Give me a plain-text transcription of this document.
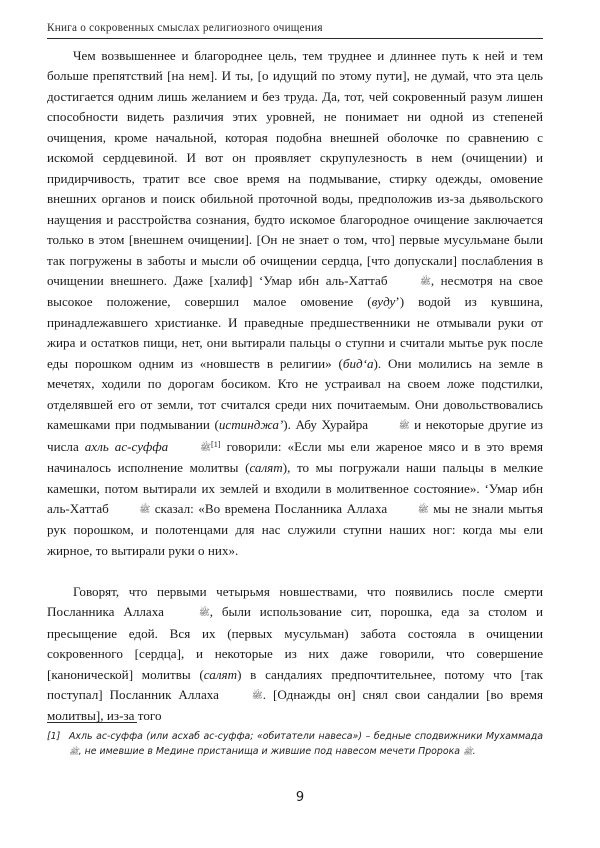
Книга о сокровенных смыслах религиозного очищения

Чем возвышеннее и благороднее цель, тем труднее и длиннее путь к ней и тем больше препятствий [на нем]. И ты, [о идущий по этому пути], не думай, что эта цель достигается одним лишь желанием и без труда. Да, тот, чей сокровенный разум лишен способности видеть различия этих уровней, не понимает ни одной из степеней очищения, кроме начальной, которая подобна внешней оболочке по сравнению с искомой сердцевиной. И вот он проявляет скрупулезность в нем (очищении) и придирчивость, тратит все свое время на подмывание, стирку одежды, омовение внешних органов и поиск обильной проточной воды, предположив из-за дьявольского наущения и расстройства сознания, будто искомое благородное очищение заключается только в этом [внешнем очищении]. [Он не знает о том, что] первые мусульмане были так погружены в заботы и мысли об очищении сердца, [что допускали] послабления в очищении внешнего. Даже [халиф] ‘Умар ибн аль-Хаттаб	ﷺ, несмотря на свое высокое положение, совершил малое омовение (вуду’) водой из кувшина, принадлежавшего христианке. И праведные предшественники не отмывали руки от жира и остатков пищи, нет, они вытирали пальцы о ступни и считали мытье рук после еды порошком одним из «новшеств в религии» (бид‘а). Они молились на земле в мечетях, ходили по дорогам босиком. Кто не устраивал на своем ложе подстилки, отделявшей его от земли, тот считался среди них почитаемым. Они довольствовались камешками при подмывании (истинджа’). Абу Хурайра	ﷺ и некоторые другие из числа ахль ас-суффа	ﷺ[1] говорили: «Если мы ели жареное мясо и в это время начиналось исполнение молитвы (салят), то мы погружали наши пальцы в мелкие камешки, потом вытирали их землей и входили в молитвенное состояние». ‘Умар ибн аль-Хаттаб	ﷺ сказал: «Во времена Посланника Аллаха	ﷺ мы не знали мытья рук порошком, и полотенцами для нас служили ступни наших ног: когда мы ели жирное, то вытирали руки о них».

Говорят, что первыми четырьмя новшествами, что появились после смерти Посланника Аллаха	ﷺ, были использование сит, порошка, еда за столом и пресыщение едой. Вся их (первых мусульман) забота состояла в очищении сокровенного [сердца], и некоторые из них даже говорили, что совершение [канонической] молитвы (салят) в сандалиях предпочтительнее, потому что [так поступал] Посланник Аллаха	ﷺ. [Однажды он] снял свои сандалии [во время молитвы], из-за того

[1] Ахль ас-суффа (или асхаб ас-суффа; «обитатели навеса») – бедные сподвижники Мухаммада ﷺ, не имевшие в Медине пристанища и жившие под навесом мечети Пророка ﷺ.
9
